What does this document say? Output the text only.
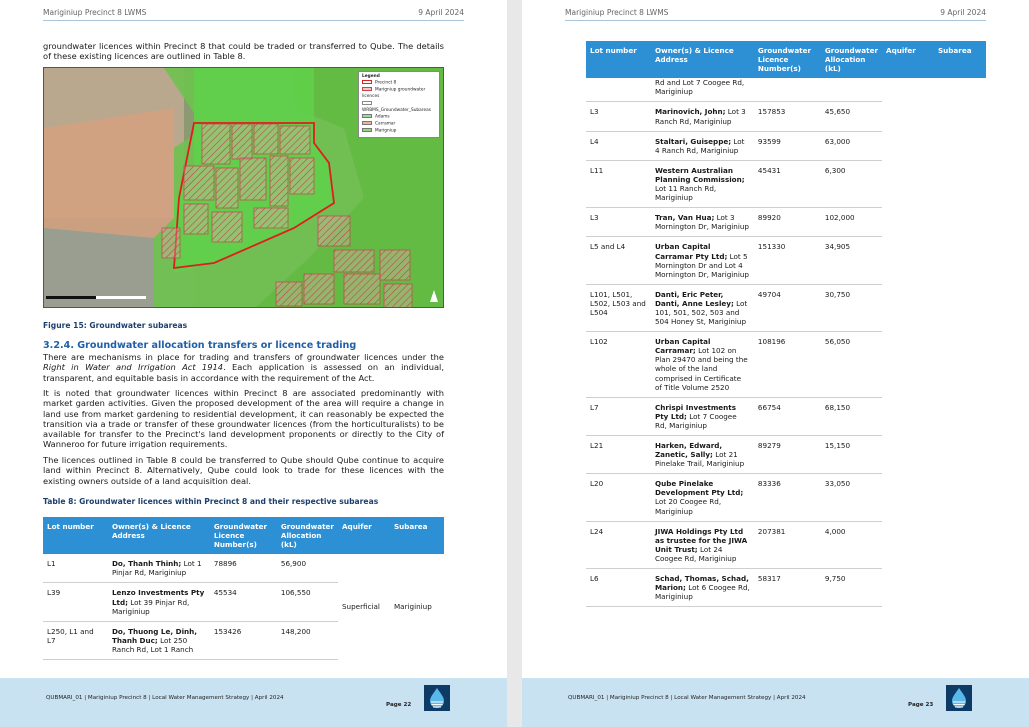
Mariginiup Precinct 8 LWMS	9 April 2024

groundwater licences within Precinct 8 that could be traded or transferred to Qube. The details of these existing licences are outlined in Table 8.

Legend
Precinct 8
Marigniup groundwater licences
WRBMS_Groundwater_Subareas
Adams
Carramar
Marigniup
Figure 15: Groundwater subareas
3.2.4. Groundwater allocation transfers or licence trading

There are mechanisms in place for trading and transfers of groundwater licences under the Right in Water and Irrigation Act 1914. Each application is assessed on an individual, transparent, and equitable basis in accordance with the requirement of the Act.

It is noted that groundwater licences within Precinct 8 are associated predominantly with market garden activities. Given the proposed development of the area will require a change in land use from market gardening to residential development, it can reasonably be expected the transition via a trade or transfer of these groundwater licences (from the horticulturalists) to be available for transfer to the Precinct's land development proponents or directly to the City of Wanneroo for future irrigation requirements.

The licences outlined in Table 8 could be transferred to Qube should Qube continue to acquire land within Precinct 8. Alternatively, Qube could look to trade for these licences with the existing owners outside of a land acquisition deal.

Table 8: Groundwater licences within Precinct 8 and their respective subareas
Lot number	Owner(s) & Licence Address	Groundwater Licence Number(s)	Groundwater Allocation (kL)	Aquifer	Subarea
L1	Do, Thanh Thinh; Lot 1 Pinjar Rd, Mariginiup	78896	56,900	Superficial	Mariginiup
L39	Lenzo Investments Pty Ltd; Lot 39 Pinjar Rd, Mariginiup	45534	106,550		
L250, L1 and L7	Do, Thuong Le, Dinh, Thanh Duc; Lot 250 Ranch Rd, Lot 1 Ranch	153426	148,200		
QUBMARI_01 | Mariginiup Precinct 8 | Local Water Management Strategy | April 2024
Page 22
Mariginiup Precinct 8 LWMS	9 April 2024
Lot number	Owner(s) & Licence Address	Groundwater Licence Number(s)	Groundwater Allocation (kL)	Aquifer	Subarea
	Rd and Lot 7 Coogee Rd, Mariginiup				
L3	Marinovich, John; Lot 3 Ranch Rd, Mariginiup	157853	45,650		
L4	Staltari, Guiseppe; Lot 4 Ranch Rd, Mariginiup	93599	63,000		
L11	Western Australian Planning Commission; Lot 11 Ranch Rd, Mariginiup	45431	6,300		
L3	Tran, Van Hua; Lot 3 Mornington Dr, Mariginiup	89920	102,000		
L5 and L4	Urban Capital Carramar Pty Ltd; Lot 5 Mornington Dr and Lot 4 Mornington Dr, Mariginiup	151330	34,905		
L101, L501, L502, L503 and L504	Danti, Eric Peter, Danti, Anne Lesley; Lot 101, 501, 502, 503 and 504 Honey St, Mariginiup	49704	30,750		
L102	Urban Capital Carramar; Lot 102 on Plan 29470 and being the whole of the land comprised in Certificate of Title Volume 2520	108196	56,050		
L7	Chrispi Investments Pty Ltd; Lot 7 Coogee Rd, Mariginiup	66754	68,150		
L21	Harken, Edward, Zanetic, Sally; Lot 21 Pinelake Trail, Mariginiup	89279	15,150		
L20	Qube Pinelake Development Pty Ltd; Lot 20 Coogee Rd, Mariginiup	83336	33,050		
L24	JIWA Holdings Pty Ltd as trustee for the JIWA Unit Trust; Lot 24 Coogee Rd, Mariginiup	207381	4,000		
L6	Schad, Thomas, Schad, Marion; Lot 6 Coogee Rd, Mariginiup	58317	9,750		
QUBMARI_01 | Mariginiup Precinct 8 | Local Water Management Strategy | April 2024
Page 23
